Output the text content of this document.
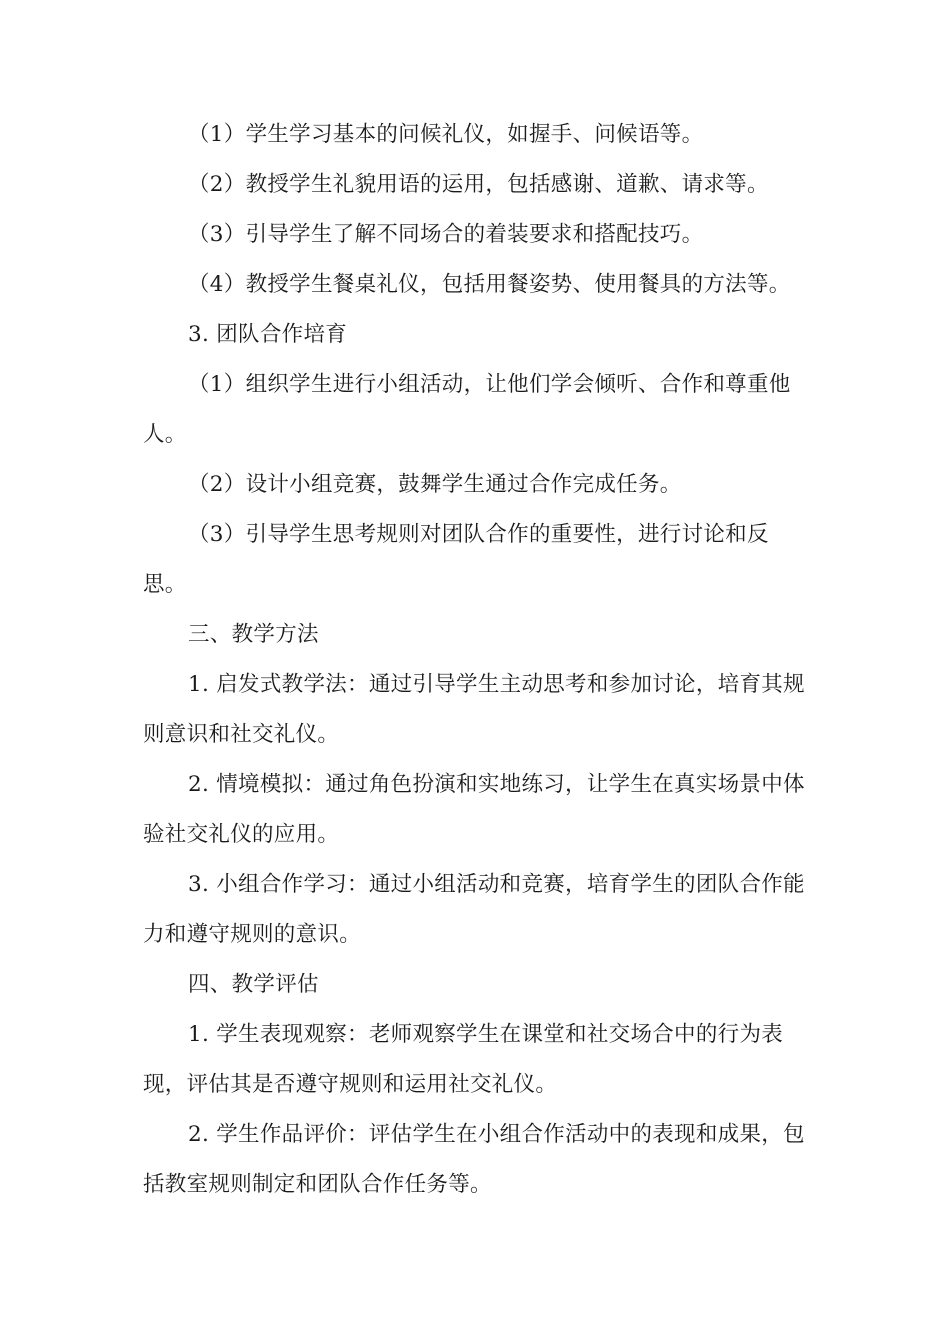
（1）学生学习基本的问候礼仪，如握手、问候语等。

（2）教授学生礼貌用语的运用，包括感谢、道歉、请求等。

（3）引导学生了解不同场合的着装要求和搭配技巧。

（4）教授学生餐桌礼仪，包括用餐姿势、使用餐具的方法等。

3. 团队合作培育

（1）组织学生进行小组活动，让他们学会倾听、合作和尊重他人。

（2）设计小组竞赛，鼓舞学生通过合作完成任务。

（3）引导学生思考规则对团队合作的重要性，进行讨论和反思。

三、教学方法

1. 启发式教学法：通过引导学生主动思考和参加讨论，培育其规则意识和社交礼仪。

2. 情境模拟：通过角色扮演和实地练习，让学生在真实场景中体验社交礼仪的应用。

3. 小组合作学习：通过小组活动和竞赛，培育学生的团队合作能力和遵守规则的意识。

四、教学评估

1. 学生表现观察：老师观察学生在课堂和社交场合中的行为表现，评估其是否遵守规则和运用社交礼仪。

2. 学生作品评价：评估学生在小组合作活动中的表现和成果，包括教室规则制定和团队合作任务等。
